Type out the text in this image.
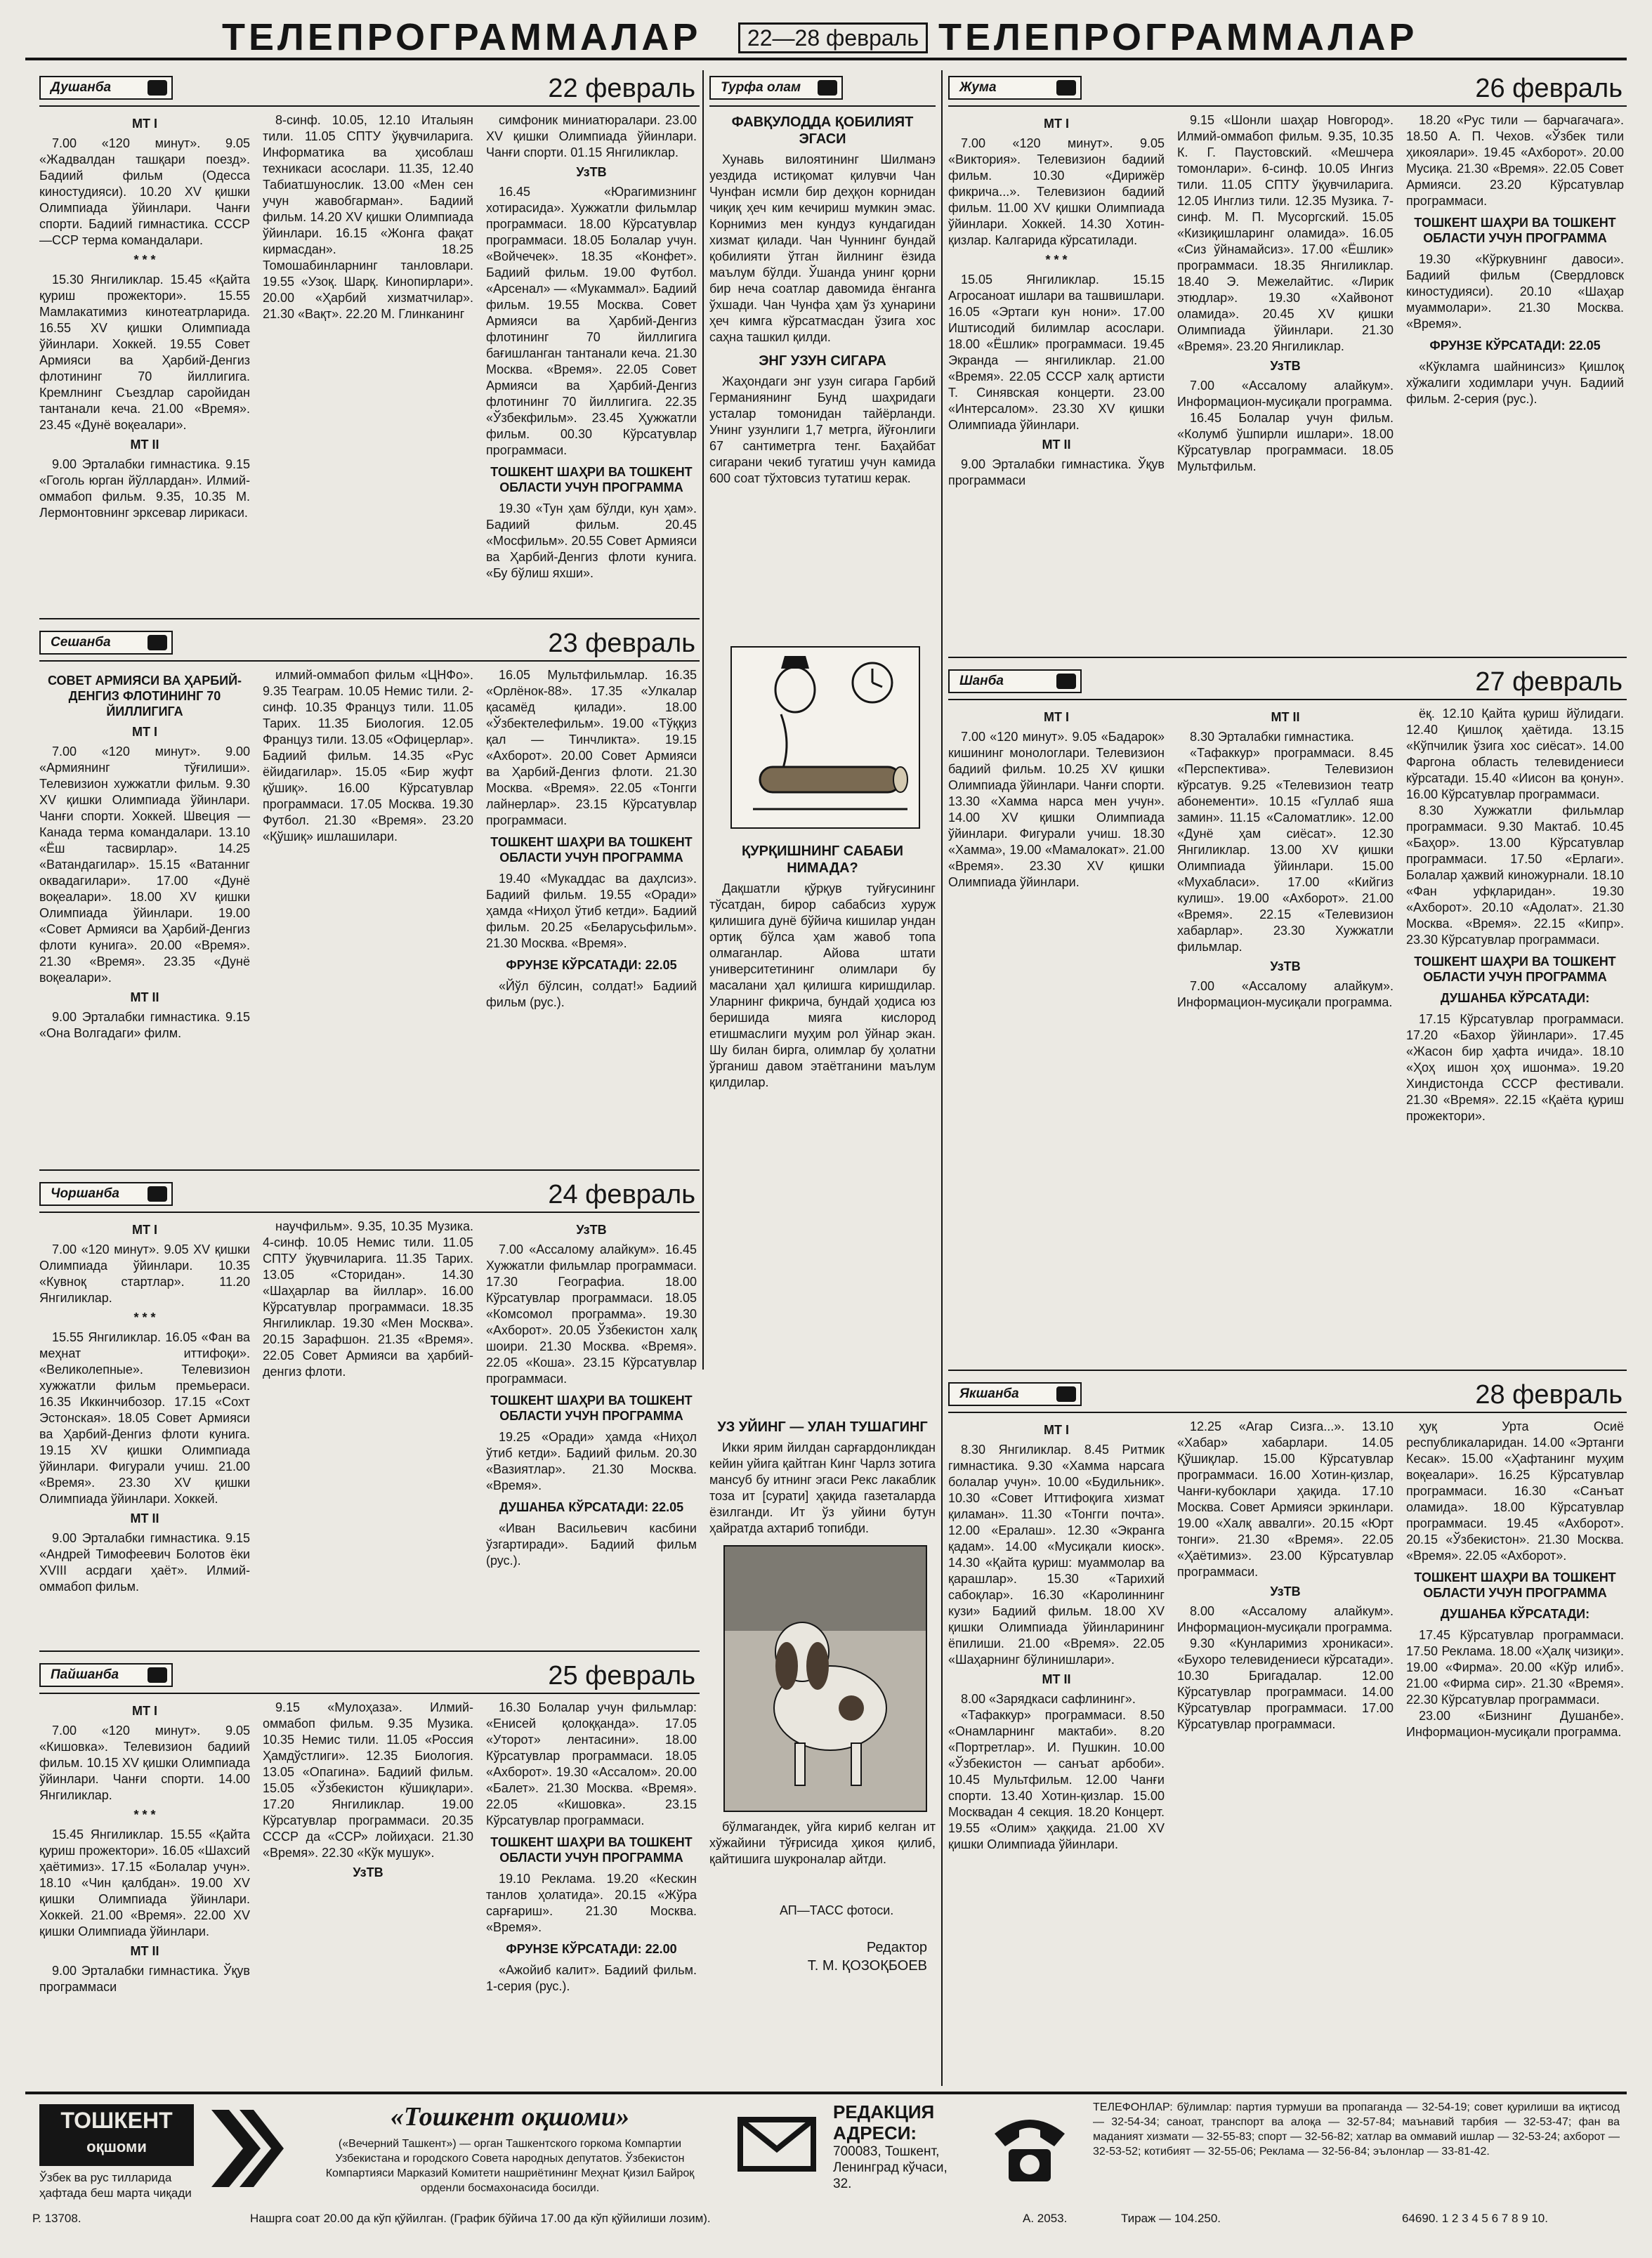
ТЕЛЕПРОГРАММАЛАР	22—28 февраль ТЕЛЕПРОГРАММАЛАР
Душанба	22 февраль
МТ I
7.00 «120 минут». 9.05 «Жадвалдан ташқари поезд». Бадиий фильм (Одесса киностудияси). 10.20 XV қишки Олимпиада ўйинлари. Чанғи спорти. Бадиий гимнастика. СССР—ССР терма командалари.
* * *
15.30 Янгиликлар. 15.45 «Қайта қуриш прожектори». 15.55 Мамлакатимиз кинотеатрларида. 16.55 XV қишки Олимпиада ўйинлари. Хоккей. 19.55 Совет Армияси ва Ҳарбий-Денгиз флотининг 70 йиллигига. Кремлнинг Съездлар саройидан тантанали кеча. 21.00 «Время». 23.45 «Дунё воқеалари».
МТ II
9.00 Эрталабки гимнастика. 9.15 «Гоголь юрган йўллардан». Илмий-оммабоп фильм. 9.35, 10.35 М. Лермонтовнинг эрксевар лирикаси.
8-синф. 10.05, 12.10 Италыян тили. 11.05 СПТУ ўқувчиларига. Информатика ва ҳисоблаш техникаси асослари. 11.35, 12.40 Табиатшунослик. 13.00 «Мен сен учун жавобгарман». Бадиий фильм. 14.20 XV қишки Олимпиада ўйинлари. 16.15 «Жонга фақат кирмасдан». 18.25 Томошабинларнинг танловлари. 19.55 «Узоқ. Шарқ. Кинопирлари». 20.00 «Ҳарбий хизматчилар». 21.30 «Вақт». 22.20 М. Глинканинг
симфоник миниатюралари. 23.00 XV қишки Олимпиада ўйинлари. Чанғи спорти. 01.15 Янгиликлар.
УзТВ
16.45 «Юрагимизнинг хотирасида». Хужжатли фильмлар программаси. 18.00 Кўрсатувлар программаси. 18.05 Болалар учун. «Войчечек». 18.35 «Конфет». Бадиий фильм. 19.00 Футбол. «Арсенал» — «Мукаммал». Бадиий фильм. 19.55 Москва. Совет Армияси ва Ҳарбий-Денгиз флотининг 70 йиллигига бағишланган тантанали кеча. 21.30 Москва. «Время». 22.05 Совет Армияси ва Ҳарбий-Денгиз флотининг 70 йиллигига. 22.35 «Ўзбекфильм». 23.45 Ҳужжатли фильм. 00.30 Кўрсатувлар программаси.
ТОШКЕНТ ШАҲРИ ВА ТОШКЕНТ ОБЛАСТИ УЧУН ПРОГРАММА
19.30 «Тун ҳам бўлди, кун ҳам». Бадиий фильм. 20.45 «Мосфильм». 20.55 Совет Армияси ва Ҳарбий-Денгиз флоти кунига. «Бу бўлиш яхши».
Сешанба	23 февраль
СОВЕТ АРМИЯСИ ВА ҲАРБИЙ-ДЕНГИЗ ФЛОТИНИНГ 70 ЙИЛЛИГИГА
МТ I
7.00 «120 минут». 9.00 «Армиянинг тўғилиши». Телевизион хужжатли фильм. 9.30 XV қишки Олимпиада ўйинлари. Чанғи спорти. Хоккей. Швеция — Канада терма командалари. 13.10 «Ёш тасвирлар». 14.25 «Ватандагилар». 15.15 «Ватанниг оквадагилари». 17.00 «Дунё воқеалари». 18.00 XV қишки Олимпиада ўйинлари. 19.00 «Совет Армияси ва Ҳарбий-Денгиз флоти кунига». 20.00 «Время». 21.30 «Время». 23.35 «Дунё воқеалари».
МТ II
9.00 Эрталабки гимнастика. 9.15 «Она Волгадаги» филм.
илмий-оммабоп фильм «ЦНФо». 9.35 Теаграм. 10.05 Немис тили. 2-синф. 10.35 Француз тили. 11.05 Тарих. 11.35 Биология. 12.05 Француз тили. 13.05 «Офицерлар». Бадиий фильм. 14.35 «Рус ёйидагилар». 15.05 «Бир жуфт қўшиқ». 16.00 Кўрсатувлар программаси. 17.05 Москва. 19.30 Футбол. 21.30 «Время». 23.20 «Қўшиқ» ишлашилари.
16.05 Мультфильмлар. 16.35 «Орлёнок-88». 17.35 «Улкалар қасамёд қилади». 18.00 «Ўзбектелефильм». 19.00 «Тўққиз қал — Тинчликта». 19.15 «Ахборот». 20.00 Совет Армияси ва Ҳарбий-Денгиз флоти. 21.30 Москва. «Время». 22.05 «Тонгги лайнерлар». 23.15 Кўрсатувлар программаси.
ТОШКЕНТ ШАҲРИ ВА ТОШКЕНТ ОБЛАСТИ УЧУН ПРОГРАММА
19.40 «Мукаддас ва даҳлсиз». Бадиий фильм. 19.55 «Оради» ҳамда «Ниҳол ўтиб кетди». Бадиий фильм. 20.25 «Беларусьфильм». 21.30 Москва. «Время».
ФРУНЗЕ КЎРСАТАДИ: 22.05
«Йўл бўлсин, солдат!» Бадиий фильм (рус.).
Чоршанба	24 февраль
МТ I
7.00 «120 минут». 9.05 XV қишки Олимпиада ўйинлари. 10.35 «Кувноқ стартлар». 11.20 Янгиликлар.
* * *
15.55 Янгиликлар. 16.05 «Фан ва меҳнат иттифоқи». «Великолепные». Телевизион хужжатли фильм премьераси. 16.35 Иккинчибозор. 17.15 «Сохт Эстонская». 18.05 Совет Армияси ва Ҳарбий-Денгиз флоти кунига. 19.15 XV қишки Олимпиада ўйинлари. Фигурали учиш. 21.00 «Время». 23.30 XV қишки Олимпиада ўйинлари. Хоккей.
МТ II
9.00 Эрталабки гимнастика. 9.15 «Андрей Тимофеевич Болотов ёки XVIII асрдаги ҳаёт». Илмий-оммабоп фильм.
научфильм». 9.35, 10.35 Музика. 4-синф. 10.05 Немис тили. 11.05 СПТУ ўқувчиларига. 11.35 Тарих. 13.05 «Сторидан». 14.30 «Шаҳарлар ва йиллар». 16.00 Кўрсатувлар программаси. 18.35 Янгиликлар. 19.30 «Мен Москва». 20.15 Зарафшон. 21.35 «Время». 22.05 Совет Армияси ва ҳарбий-денгиз флоти.
УзТВ
7.00 «Ассалому алайкум». 16.45 Хужжатли фильмлар программаси. 17.30 Географиа. 18.00 Кўрсатувлар программаси. 18.05 «Комсомол программа». 19.30 «Ахборот». 20.05 Ўзбекистон халқ шоири. 21.30 Москва. «Время». 22.05 «Коша». 23.15 Кўрсатувлар программаси.
ТОШКЕНТ ШАҲРИ ВА ТОШКЕНТ ОБЛАСТИ УЧУН ПРОГРАММА
19.25 «Оради» ҳамда «Ниҳол ўтиб кетди». Бадиий фильм. 20.30 «Вазиятлар». 21.30 Москва. «Время».
ДУШАНБА КЎРСАТАДИ: 22.05
«Иван Васильевич касбини ўзгартиради». Бадиий фильм (рус.).
Пайшанба	25 февраль
МТ I
7.00 «120 минут». 9.05 «Кишовка». Телевизион бадиий фильм. 10.15 XV қишки Олимпиада ўйинлари. Чанғи спорти. 14.00 Янгиликлар.
* * *
15.45 Янгиликлар. 15.55 «Қайта қуриш прожектори». 16.05 «Шахсий ҳаётимиз». 17.15 «Болалар учун». 18.10 «Чин қалбдан». 19.00 XV қишки Олимпиада ўйинлари. Хоккей. 21.00 «Время». 22.00 XV қишки Олимпиада ўйинлари.
МТ II
9.00 Эрталабки гимнастика. Ўқув программаси
9.15 «Мулоҳаза». Илмий-оммабоп фильм. 9.35 Музика. 10.35 Немис тили. 11.05 «Россия Ҳамдўстлиги». 12.35 Биология. 13.05 «Опагина». Бадиий фильм. 15.05 «Ўзбекистон кўшиқлари». 17.20 Янгиликлар. 19.00 Кўрсатувлар программаси. 20.35 СССР да «ССР» лойиҳаси. 21.30 «Время». 22.30 «Кўк мушук».
УзТВ
16.30 Болалар учун фильмлар: «Енисей қолоққанда». 17.05 «Утоpoт» лентасини». 18.00 Кўрсатувлар программаси. 18.05 «Ахборот». 19.30 «Ассалом». 20.00 «Балет». 21.30 Москва. «Время». 22.05 «Кишовка». 23.15 Кўрсатувлар программаси.
ТОШКЕНТ ШАҲРИ ВА ТОШКЕНТ ОБЛАСТИ УЧУН ПРОГРАММА
19.10 Реклама. 19.20 «Кескин танлов ҳолатида». 20.15 «Жўра сарғариш». 21.30 Москва. «Время».
ФРУНЗЕ КЎРСАТАДИ: 22.00
«Ажойиб калит». Бадиий фильм. 1-серия (рус.).
Турфа олам
ФАВҚУЛОДДА ҚОБИЛИЯТ ЭГАСИ
Хунавь вилоятининг Шилманэ уездида истиқомат қилувчи Чан Чунфан исмли бир деҳқон корнидан чиқиқ ҳеч ким кечириш мумкин эмас. Корнимиз мен кундуз кундагидан хизмат қилади. Чан Чуннинг бундай қобилияти ўтган йилнинг ёзида маълум бўлди. Ўшанда унинг қорни бир неча соатлар давомида ёнганга ўхшади. Чан Чунфа ҳам ўз ҳунарини ҳеч кимга кўрсатмасдан ўзига хос саҳна ташкил қилди.
ЭНГ УЗУН СИГАРА
Жаҳондаги энг узун сигара Гарбий Германиянинг Бунд шаҳридаги усталар томонидан тайёрланди. Унинг узунлиги 1,7 метрга, йўғонлиги 67 сантиметрга тенг. Баҳайбат сигарани чекиб тугатиш учун камида 600 соат тўхтовсиз тутатиш керак.
ҚУРҚИШНИНГ САБАБИ НИМАДА?
Дақшатли қўрқув туйғусининг тўсатдан, бирор сабабсиз хуруж қилишига дунё бўйича кишилар ундан ортиқ бўлса ҳам жавоб топа олмаганлар. Айова штати университетининг олимлари бу масалани ҳал қилишга киришдилар. Уларнинг фикрича, бундай ҳодиса юз беришида мияга кислород етишмаслиги муҳим рол ўйнар экан. Шу билан бирга, олимлар бу ҳолатни ўрганиш давом этаётганини маълум қилдилар.
УЗ УЙИНГ — УЛАН ТУШАГИНГ
Икки ярим йилдан сарғардонликдан кейин уйига қайтган Кинг Чарлз зотига мансуб бу итнинг эгаси Рекс лакаблик тоза ит [сурати] ҳақида газеталарда ёзилганди. Ит ўз уйини бутун ҳайратда ахтариб топибди.
бўлмагандек, уйга кириб келган ит хўжайини тўғрисида ҳикоя қилиб, қайтишига шукроналар айтди.
АП—ТАСС фотоси.
Редактор
Т. М. ҚОЗОҚБОЕВ
Жума	26 февраль
МТ I
7.00 «120 минут». 9.05 «Виктория». Телевизион бадиий фильм. 10.30 «Дирижёр фикрича...». Телевизион бадиий фильм. 11.00 XV қишки Олимпиада ўйинлари. Хоккей. 14.30 Хотин-қизлар. Калгарида кўрсатилади.
* * *
15.05 Янгиликлар. 15.15 Агросаноат ишлари ва ташвишлари. 16.05 «Эртаги кун нони». 17.00 Иштисодий билимлар асослари. 18.00 «Ёшлик» программаси. 19.45 Экранда — янгиликлар. 21.00 «Время». 22.05 СССР халқ артисти Т. Синявская концерти. 23.00 «Интерсалом». 23.30 XV қишки Олимпиада ўйинлари.
МТ II
9.00 Эрталабки гимнастика. Ўқув программаси
9.15 «Шонли шаҳар Новгород». Илмий-оммабоп фильм. 9.35, 10.35 К. Г. Паустовский. «Мешчера томонлари». 6-синф. 10.05 Ингиз тили. 11.05 СПТУ ўқувчиларига. 12.05 Инглиз тили. 12.35 Музика. 7-синф. М. П. Мусоргский. 15.05 «Кизиқишларинг оламида». 16.05 «Сиз ўйнамайсиз». 17.00 «Ёшлик» программаси. 18.35 Янгиликлар. 18.40 Э. Межелайтис. «Лирик этюдлар». 19.30 «Хайвонот оламида». 20.45 XV қишки Олимпиада ўйинлари. 21.30 «Время». 23.20 Янгиликлар.
УзТВ
7.00 «Ассалому алайкум». Информацион-мусиқали программа.
16.45 Болалар учун фильм. «Колумб ўшпирли ишлари». 18.00 Кўрсатувлар программаси. 18.05 Мультфильм.
18.20 «Рус тили — барчагачага». 18.50 А. П. Чехов. «Ўзбек тили ҳикоялари». 19.45 «Ахборот». 20.00 Мусиқа. 21.30 «Время». 22.05 Совет Армияси. 23.20 Кўрсатувлар программаси.
ТОШКЕНТ ШАҲРИ ВА ТОШКЕНТ ОБЛАСТИ УЧУН ПРОГРАММА
19.30 «Кўркувнинг давоси». Бадиий фильм (Свердловск киностудияси). 20.10 «Шаҳар муаммолари». 21.30 Москва. «Время».
ФРУНЗЕ КЎРСАТАДИ: 22.05
«Кўкламга шайнинсиз» Қишлоқ хўжалиги ходимлари учун. Бадиий фильм. 2-серия (рус.).
Шанба	27 февраль
МТ I
7.00 «120 минут». 9.05 «Бадарок» кишининг монологлари. Телевизион бадиий фильм. 10.25 XV қишки Олимпиада ўйинлари. Чанғи спорти. 13.30 «Хамма нарса мен учун». 14.00 XV қишки Олимпиада ўйинлари. Фигурали учиш. 18.30 «Хамма», 19.00 «Мамалокат». 21.00 «Время». 23.30 XV қишки Олимпиада ўйинлари.
МТ II
8.30 Эрталабки гимнастика.
«Тафаккур» программаси. 8.45 «Перспектива». Телевизион кўрсатув. 9.25 «Телевизион театр абонементи». 10.15 «Гуллаб яша замин». 11.15 «Саломатлик». 12.00 «Дунё ҳам сиёсат». 12.30 Янгиликлар. 13.00 XV қишки Олимпиада ўйинлари. 15.00 «Мухабласи». 17.00 «Кийгиз кулиш». 19.00 «Ахборот». 21.00 «Время». 22.15 «Телевизион хабарлар». 23.30 Хужжатли фильмлар.
УзТВ
7.00 «Ассалому алайкум». Информацион-мусиқали программа.
ёқ. 12.10 Қайта қуриш йўлидаги. 12.40 Қишлоқ ҳаётида. 13.15 «Кўпчилик ўзига хос сиёсат». 14.00 Фаргона область телевидениеси кўрсатади. 15.40 «Иисон ва қонун». 16.00 Кўрсатувлар программаси.
8.30 Хужжатли фильмлар программаси. 9.30 Мактаб. 10.45 «Баҳор». 13.00 Кўрсатувлар программаси. 17.50 «Ерлаги». Болалар ҳажвий киножурнали. 18.10 «Фан уфқларидан». 19.30 «Ахборот». 20.10 «Адолат». 21.30 Москва. «Время». 22.15 «Кипр». 23.30 Кўрсатувлар программаси.
ТОШКЕНТ ШАҲРИ ВА ТОШКЕНТ ОБЛАСТИ УЧУН ПРОГРАММА
ДУШАНБА КЎРСАТАДИ:
17.15 Кўрсатувлар программаси. 17.20 «Бахор ўйинлари». 17.45 «Жасон бир ҳафта ичида». 18.10 «Ҳоҳ ишон ҳоҳ ишонма». 19.20 Хиндистонда СССР фестивали. 21.30 «Время». 22.15 «Қаёта қуриш прожектори».
Якшанба	28 февраль
МТ I
8.30 Янгиликлар. 8.45 Ритмик гимнастика. 9.30 «Хамма нарсага болалар учун». 10.00 «Будильник». 10.30 «Совет Иттифоқига хизмат қиламан». 11.30 «Тонгги почта». 12.00 «Ералаш». 12.30 «Экранга қадам». 14.00 «Мусиқали киоск». 14.30 «Қайта қуриш: муаммолар ва қарашлар». 15.30 «Тарихий сабоқлар». 16.30 «Каролиннинг кузи» Бадиий фильм. 18.00 XV қишки Олимпиада ўйинларининг ёпилиши. 21.00 «Время». 22.05 «Шаҳарнинг бўлинишлари».
МТ II
8.00 «Зарядкаси сафлининг».
«Тафаккур» программаси. 8.50 «Онамларнинг мактаби». 8.20 «Портретлар». И. Пушкин. 10.00 «Ўзбекистон — санъат арбоби». 10.45 Мультфильм. 12.00 Чанғи спорти. 13.40 Хотин-қизлар. 15.00 Москвадан 4 секция. 18.20 Концерт. 19.55 «Олим» ҳаққида. 21.00 XV қишки Олимпиада ўйинлари.
12.25 «Агар Сизга...». 13.10 «Хабар» хабарлари. 14.05 Қўшиқлар. 15.00 Кўрсатувлар программаси. 16.00 Хотин-қизлар, Чанғи-кубоклари ҳақида. 17.10 Москва. Совет Армияси эркинлари. 19.00 «Халқ аввалги». 20.15 «Юрт тонги». 21.30 «Время». 22.05 «Ҳаётимиз». 23.00 Кўрсатувлар программаси.
УзТВ
8.00 «Ассалому алайкум». Информацион-мусиқали программа.
9.30 «Кунларимиз хроникаси». «Бухоро телевидениеси кўрсатади». 10.30 Бригадалар. 12.00 Кўрсатувлар программаси. 14.00 Кўрсатувлар программаси. 17.00 Кўрсатувлар программаси.
ҳуқ Урта Осиё республикаларидан. 14.00 «Эртанги Кесак». 15.00 «Ҳафтанинг муҳим воқеалари». 16.25 Кўрсатувлар программаси. 16.30 «Санъат оламида». 18.00 Кўрсатувлар программаси. 19.45 «Ахборот». 20.15 «Ўзбекистон». 21.30 Москва. «Время». 22.05 «Ахборот».
ТОШКЕНТ ШАҲРИ ВА ТОШКЕНТ ОБЛАСТИ УЧУН ПРОГРАММА
ДУШАНБА КЎРСАТАДИ:
17.45 Кўрсатувлар программаси. 17.50 Реклама. 18.00 «Ҳалқ чизиқи». 19.00 «Фирма». 20.00 «Кўр илиб». 21.00 «Фирма сир». 21.30 «Время». 22.30 Кўрсатувлар программаси.
23.00 «Бизнинг Душанбе». Информацион-мусиқали программа.
ТОШКЕНТ
оқшоми
Ўзбек ва рус тилларида ҳафтада беш марта чиқади
«Тошкент оқшоми»
(«Вечерний Ташкент») — орган Ташкентского горкома Компартии Узбекистана и городского Совета народных депутатов. Ўзбекистон Компартияси Марказий Комитети нашриётининг Меҳнат Қизил Байроқ орденли босмахонасида босилди.
РЕДАКЦИЯ АДРЕСИ:
700083, Тошкент, Ленинград кўчаси, 32.
ТЕЛЕФОНЛАР: бўлимлар: партия турмуши ва пропаганда — 32-54-19; совет қурилиши ва иқтисод — 32-54-34; саноат, транспорт ва алоқа — 32-57-84; маънавий тарбия — 32-53-47; фан ва маданият хизмати — 32-55-83; спорт — 32-56-82; хатлар ва оммавий ишлар — 32-53-24; ахборот — 32-53-52; котибият — 32-55-06; Реклама — 32-56-84; эълонлар — 33-81-42.
Р. 13708.	Нашрга соат 20.00 да кўп қўйилган. (График бўйича 17.00 да кўп қўйилиши лозим).	А. 2053.	Тираж — 104.250.	64690. 1 2 3 4 5 6 7 8 9 10.
